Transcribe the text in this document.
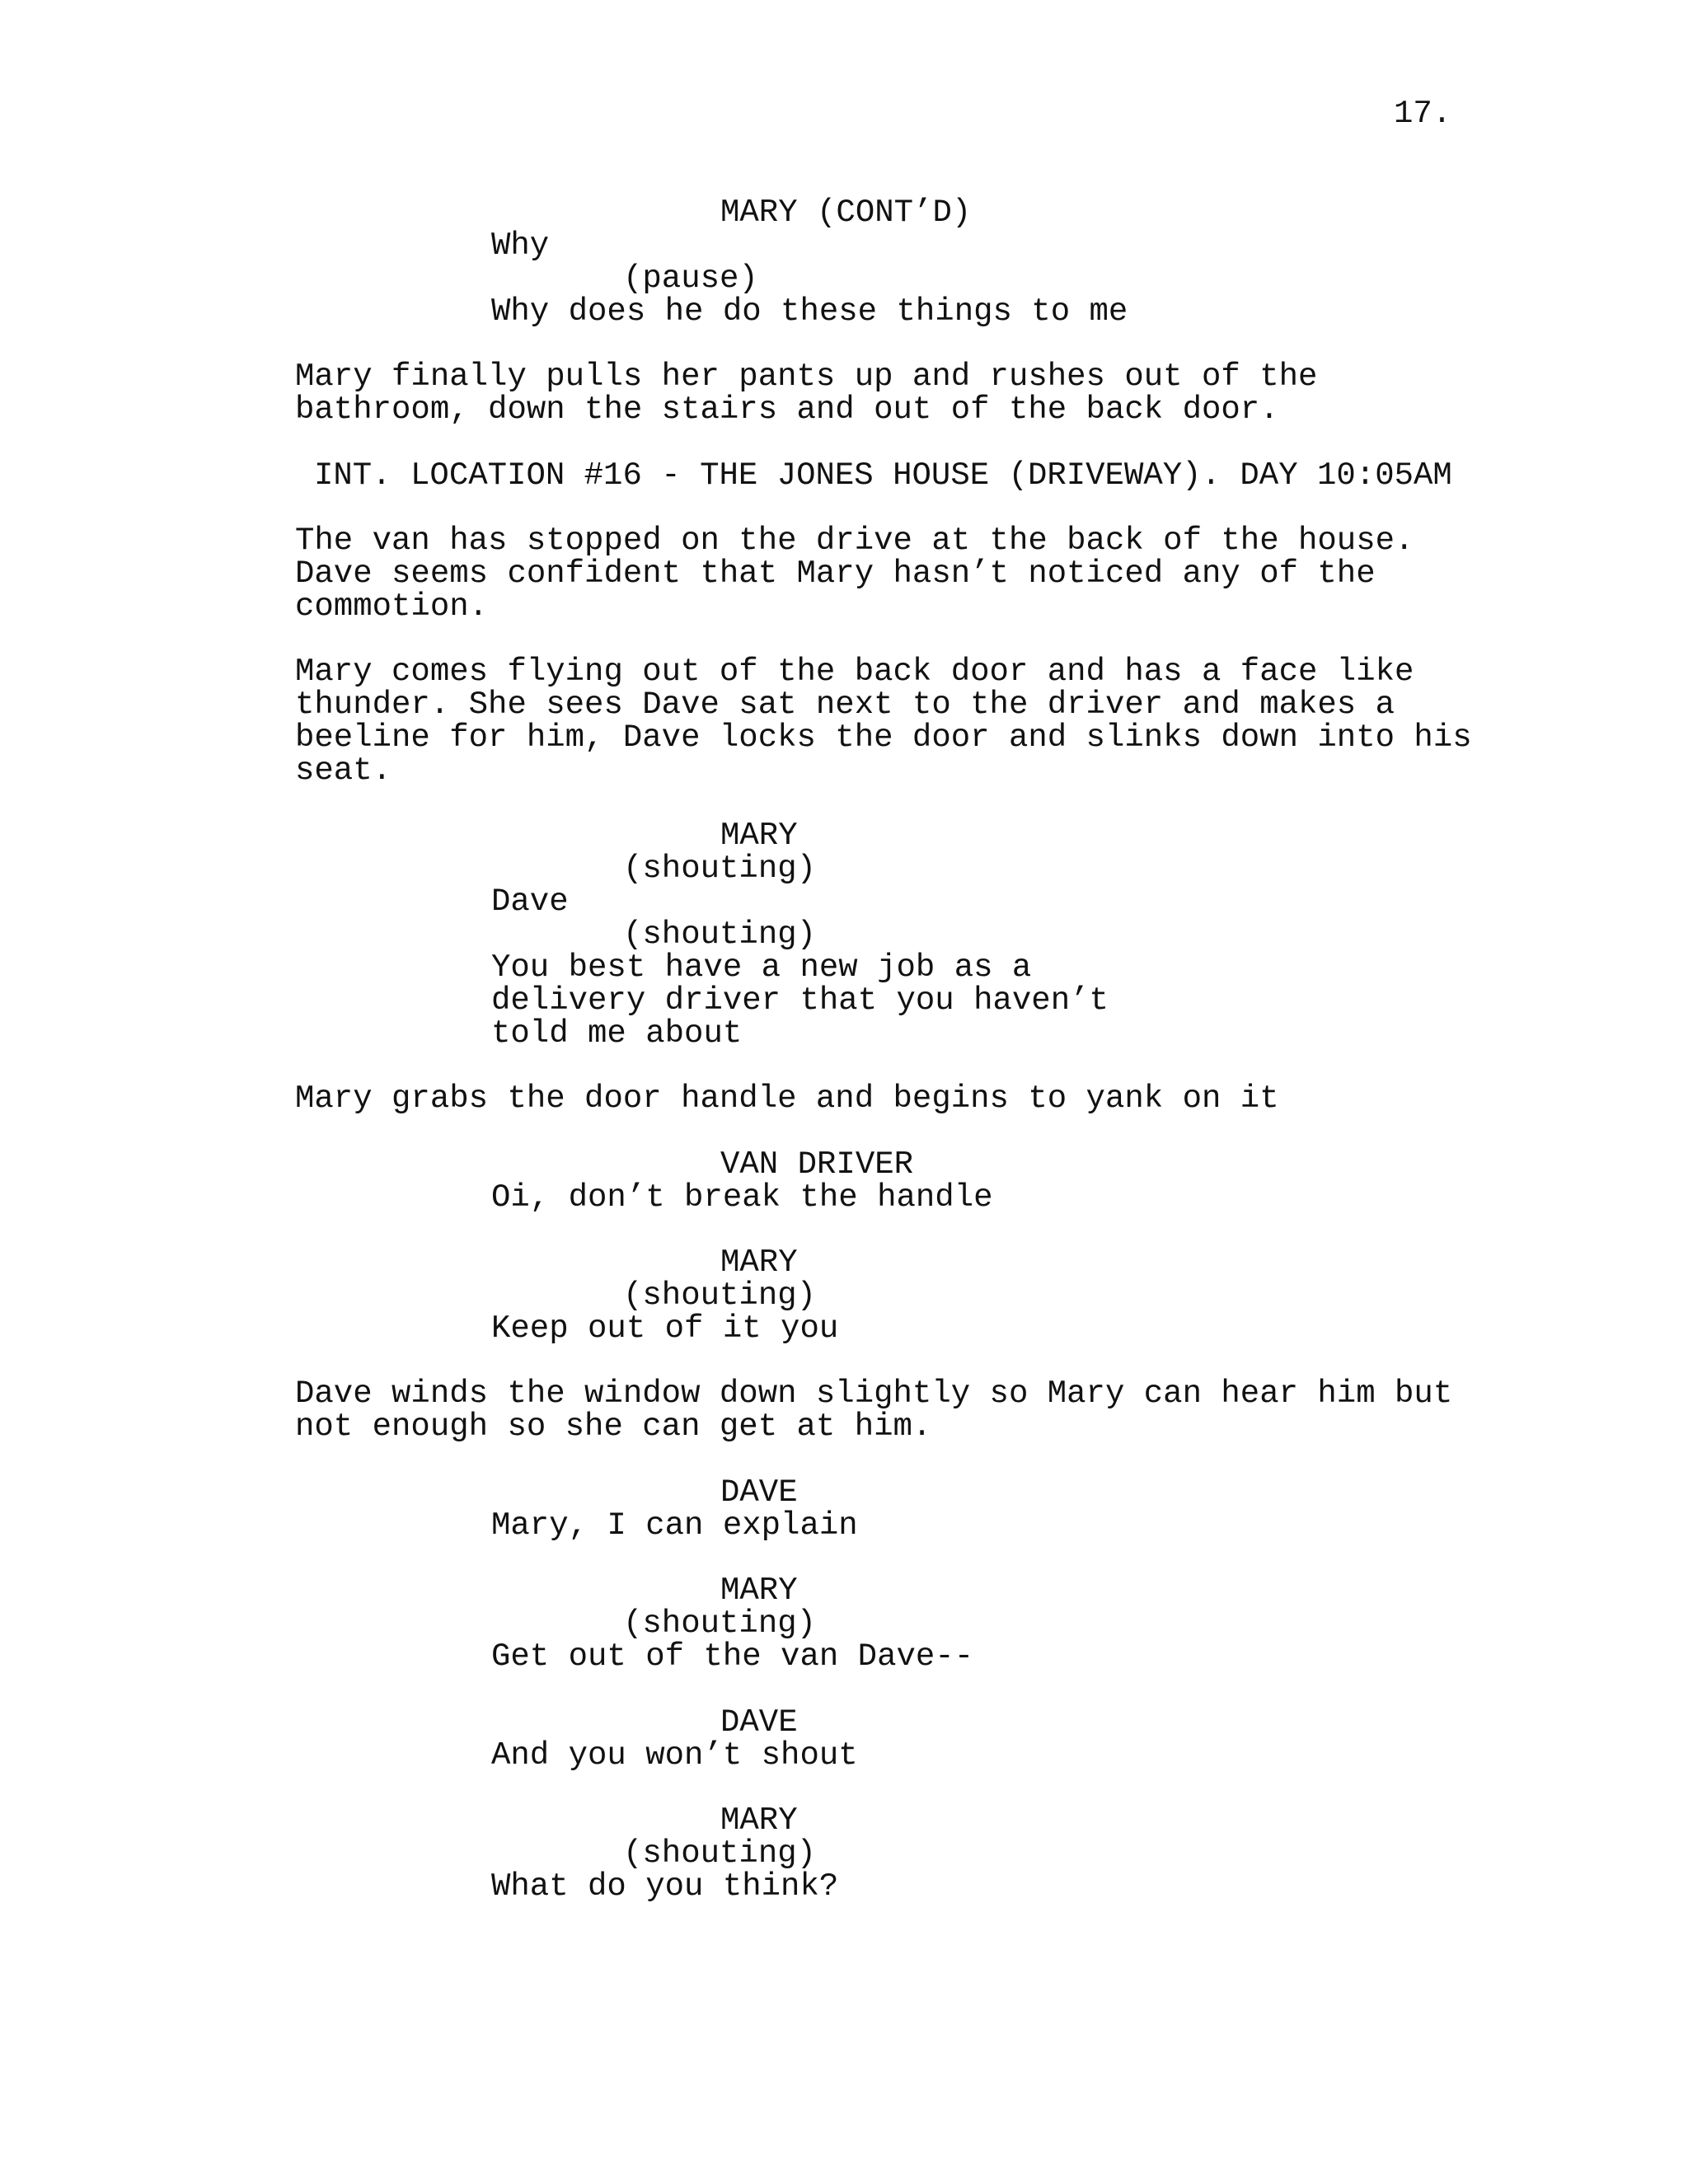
17.
MARY (CONT’D)
Why
(pause)
Why does he do these things to me
Mary finally pulls her pants up and rushes out of the
bathroom, down the stairs and out of the back door.
INT. LOCATION #16 - THE JONES HOUSE (DRIVEWAY). DAY 10:05AM
The van has stopped on the drive at the back of the house.
Dave seems confident that Mary hasn’t noticed any of the
commotion.
Mary comes flying out of the back door and has a face like
thunder. She sees Dave sat next to the driver and makes a
beeline for him, Dave locks the door and slinks down into his
seat.
MARY
(shouting)
Dave
(shouting)
You best have a new job as a
delivery driver that you haven’t
told me about
Mary grabs the door handle and begins to yank on it
VAN DRIVER
Oi, don’t break the handle
MARY
(shouting)
Keep out of it you
Dave winds the window down slightly so Mary can hear him but
not enough so she can get at him.
DAVE
Mary, I can explain
MARY
(shouting)
Get out of the van Dave--
DAVE
And you won’t shout
MARY
(shouting)
What do you think?
